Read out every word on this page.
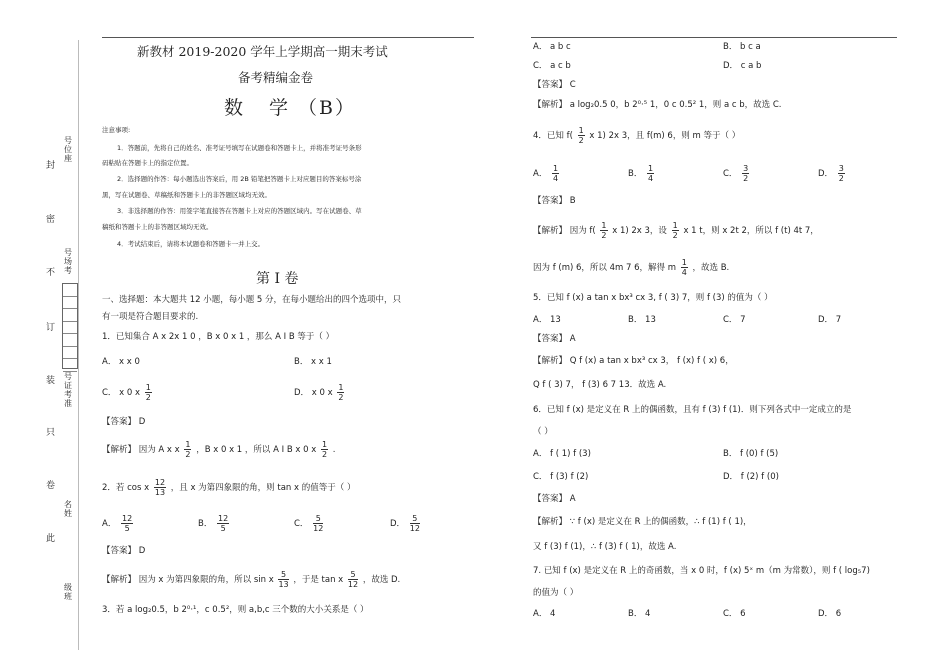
封
密
不
订
装
只
卷
此
号位座
号场考
号证考准
名姓
级班
新教材 2019-2020 学年上学期高一期末考试
备考精编金卷
数 学 （B）
注意事项:
1．答题前，先将自己的姓名、准考证号填写在试题卷和答题卡上，并将准考证号条形
码粘贴在答题卡上的指定位置。
2．选择题的作答：每小题选出答案后，用 2B 铅笔把答题卡上对应题目的答案标号涂
黑，写在试题卷、草稿纸和答题卡上的非答题区域均无效。
3．非选择题的作答：用签字笔直接答在答题卡上对应的答题区域内。写在试题卷、草
稿纸和答题卡上的非答题区域均无效。
4．考试结束后，请将本试题卷和答题卡一并上交。
第 Ⅰ 卷
一、选择题：本大题共 12 小题，每小题 5 分，在每小题给出的四个选项中，只
有一项是符合题目要求的.
1．已知集合 A x 2x 1 0 ，B x 0 x 1 ，那么 A I B 等于（ ）
A． x x 0	B． x x 1
C． x 0 x $\frac{1}{2}$	D． x 0 x $\frac{1}{2}$
【答案】 D
【解析】 因为 A x x $\frac{1}{2}$ ，B x 0 x 1 ，所以 A I B x 0 x $\frac{1}{2}$ .
2．若 cos x $\frac{12}{13}$ ，且 x 为第四象限的角，则 tan x 的值等于（ ）
A． $\frac{12}{5}$	B． $\frac{12}{5}$	C． $\frac{5}{12}$	D． $\frac{5}{12}$
【答案】 D
【解析】 因为 x 为第四象限的角，所以 sin x $\frac{5}{13}$ ，于是 tan x $\frac{5}{12}$ ，故选 D.
3．若 a log₂0.5，b 2⁰·¹，c 0.5²，则 a,b,c 三个数的大小关系是（ ）
A． a b c	B． b c a
C． a c b	D． c a b
【答案】 C
【解析】 a log₂0.5 0，b 2⁰·⁵ 1，0 c 0.5² 1，则 a c b，故选 C.
4．已知 $f( \frac{1}{2}$ x 1) 2x 3，且 f(m) 6，则 m 等于（ ）
A． $\frac{1}{4}$	B． $\frac{1}{4}$	C． $\frac{3}{2}$	D． $\frac{3}{2}$
【答案】 B
【解析】 因为 $f( \frac{1}{2}$ x 1) 2x 3，设 $\frac{1}{2}$ x 1 t，则 x 2t 2，所以 f (t) 4t 7，
因为 f (m) 6，所以 4m 7 6，解得 m $\frac{1}{4}$ ，故选 B.
5．已知 f (x) a tan x bx³ cx 3, f ( 3) 7，则 f (3) 的值为（ ）
A． 13	B． 13	C． 7	D． 7
【答案】 A
【解析】 Q f (x) a tan x bx³ cx 3， f (x) f ( x) 6，
Q f ( 3) 7， f (3) 6 7 13．故选 A.
6．已知 f (x) 是定义在 R 上的偶函数，且有 f (3) f (1)．则下列各式中一定成立的是
（ ）
A． f ( 1) f (3)	B． f (0) f (5)
C． f (3) f (2)	D． f (2) f (0)
【答案】 A
【解析】 ∵ f (x) 是定义在 R 上的偶函数，∴ f (1) f ( 1)，
又 f (3) f (1)，∴ f (3) f ( 1)，故选 A.
7. 已知 f (x) 是定义在 R 上的奇函数，当 x 0 时，f (x) 5ˣ m（m 为常数），则 f ( log₅7)
的值为（ ）
A． 4	B． 4	C． 6	D． 6
